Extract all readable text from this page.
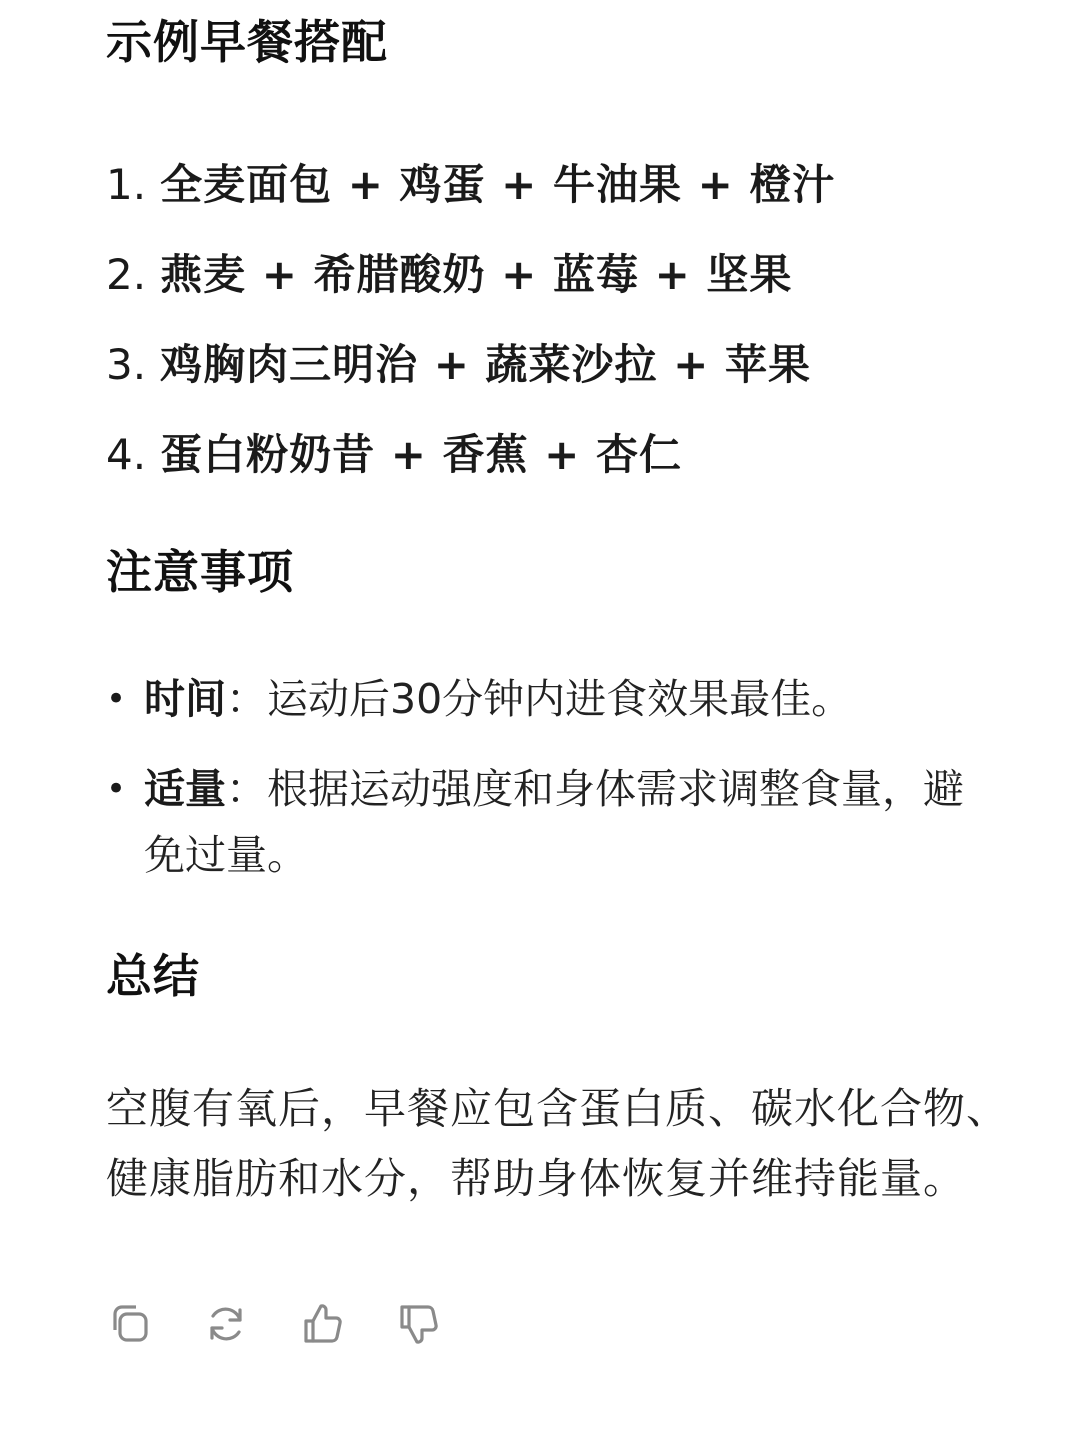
示例早餐搭配
1. 全麦面包 + 鸡蛋 + 牛油果 + 橙汁
2. 燕麦 + 希腊酸奶 + 蓝莓 + 坚果
3. 鸡胸肉三明治 + 蔬菜沙拉 + 苹果
4. 蛋白粉奶昔 + 香蕉 + 杏仁
注意事项
• 时间：运动后30分钟内进食效果最佳。
• 适量：根据运动强度和身体需求调整食量，避免过量。
总结

空腹有氧后，早餐应包含蛋白质、碳水化合物、健康脂肪和水分，帮助身体恢复并维持能量。
